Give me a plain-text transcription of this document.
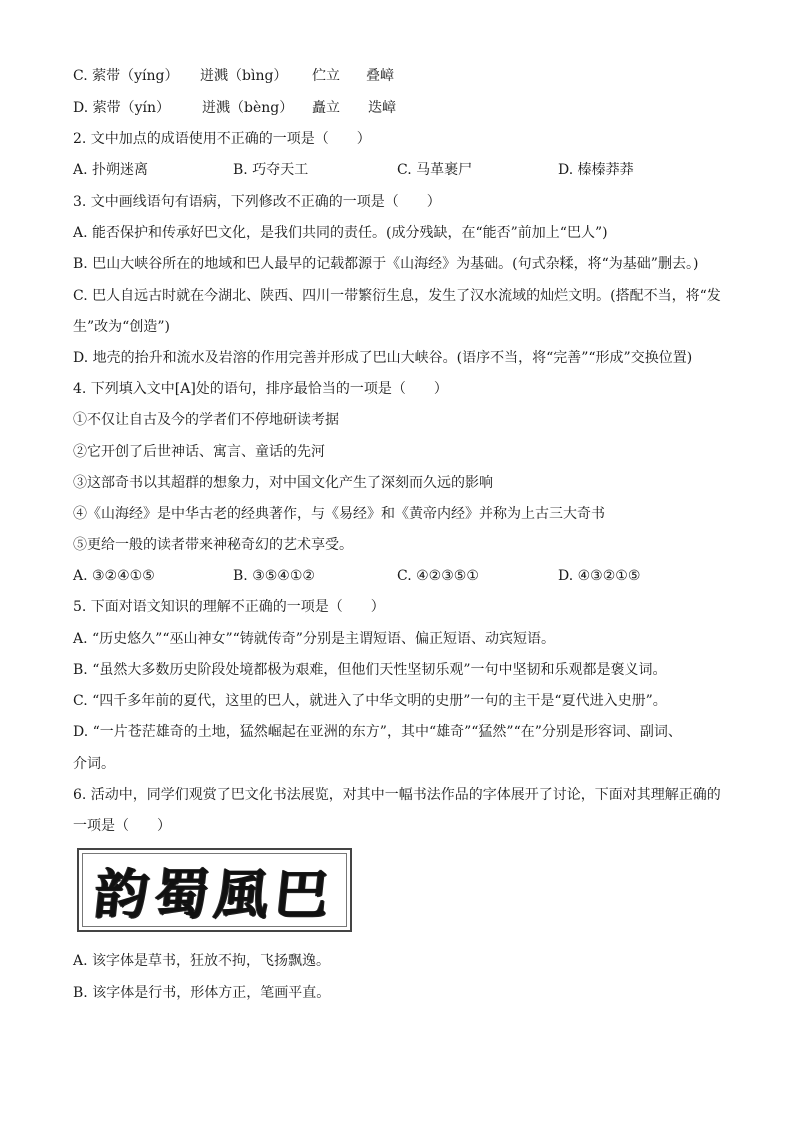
C. 萦带（yíng） 迸溅（bìng） 伫立 叠嶂
D. 萦带（yín） 迸溅（bèng） 矗立 迭嶂
2. 文中加点的成语使用不正确的一项是（　　）
A. 扑朔迷离	B. 巧夺天工	C. 马革裹尸	D. 榛榛莽莽
3. 文中画线语句有语病，下列修改不正确的一项是（　　）
A. 能否保护和传承好巴文化，是我们共同的责任。(成分残缺，在“能否”前加上“巴人”)
B. 巴山大峡谷所在的地域和巴人最早的记载都源于《山海经》为基础。(句式杂糅，将“为基础”删去。)
C. 巴人自远古时就在今湖北、陕西、四川一带繁衍生息，发生了汉水流域的灿烂文明。(搭配不当，将“发
生”改为“创造”)
D. 地壳的抬升和流水及岩溶的作用完善并形成了巴山大峡谷。(语序不当，将“完善”“形成”交换位置)
4. 下列填入文中[A]处的语句，排序最恰当的一项是（　　）
①不仅让自古及今的学者们不停地研读考据
②它开创了后世神话、寓言、童话的先河
③这部奇书以其超群的想象力，对中国文化产生了深刻而久远的影响
④《山海经》是中华古老的经典著作，与《易经》和《黄帝内经》并称为上古三大奇书
⑤更给一般的读者带来神秘奇幻的艺术享受。
A. ③②④①⑤	B. ③⑤④①②	C. ④②③⑤①	D. ④③②①⑤
5. 下面对语文知识的理解不正确的一项是（　　）
A. “历史悠久”“巫山神女”“铸就传奇”分别是主谓短语、偏正短语、动宾短语。
B. “虽然大多数历史阶段处境都极为艰难，但他们天性坚韧乐观”一句中坚韧和乐观都是褒义词。
C. “四千多年前的夏代，这里的巴人，就进入了中华文明的史册”一句的主干是“夏代进入史册”。
D. “一片苍茫雄奇的土地，猛然崛起在亚洲的东方”，其中“雄奇”“猛然”“在”分别是形容词、副词、
介词。
6. 活动中，同学们观赏了巴文化书法展览，对其中一幅书法作品的字体展开了讨论，下面对其理解正确的
一项是（　　）
韵蜀風巴
A. 该字体是草书，狂放不拘，飞扬飘逸。
B. 该字体是行书，形体方正，笔画平直。
